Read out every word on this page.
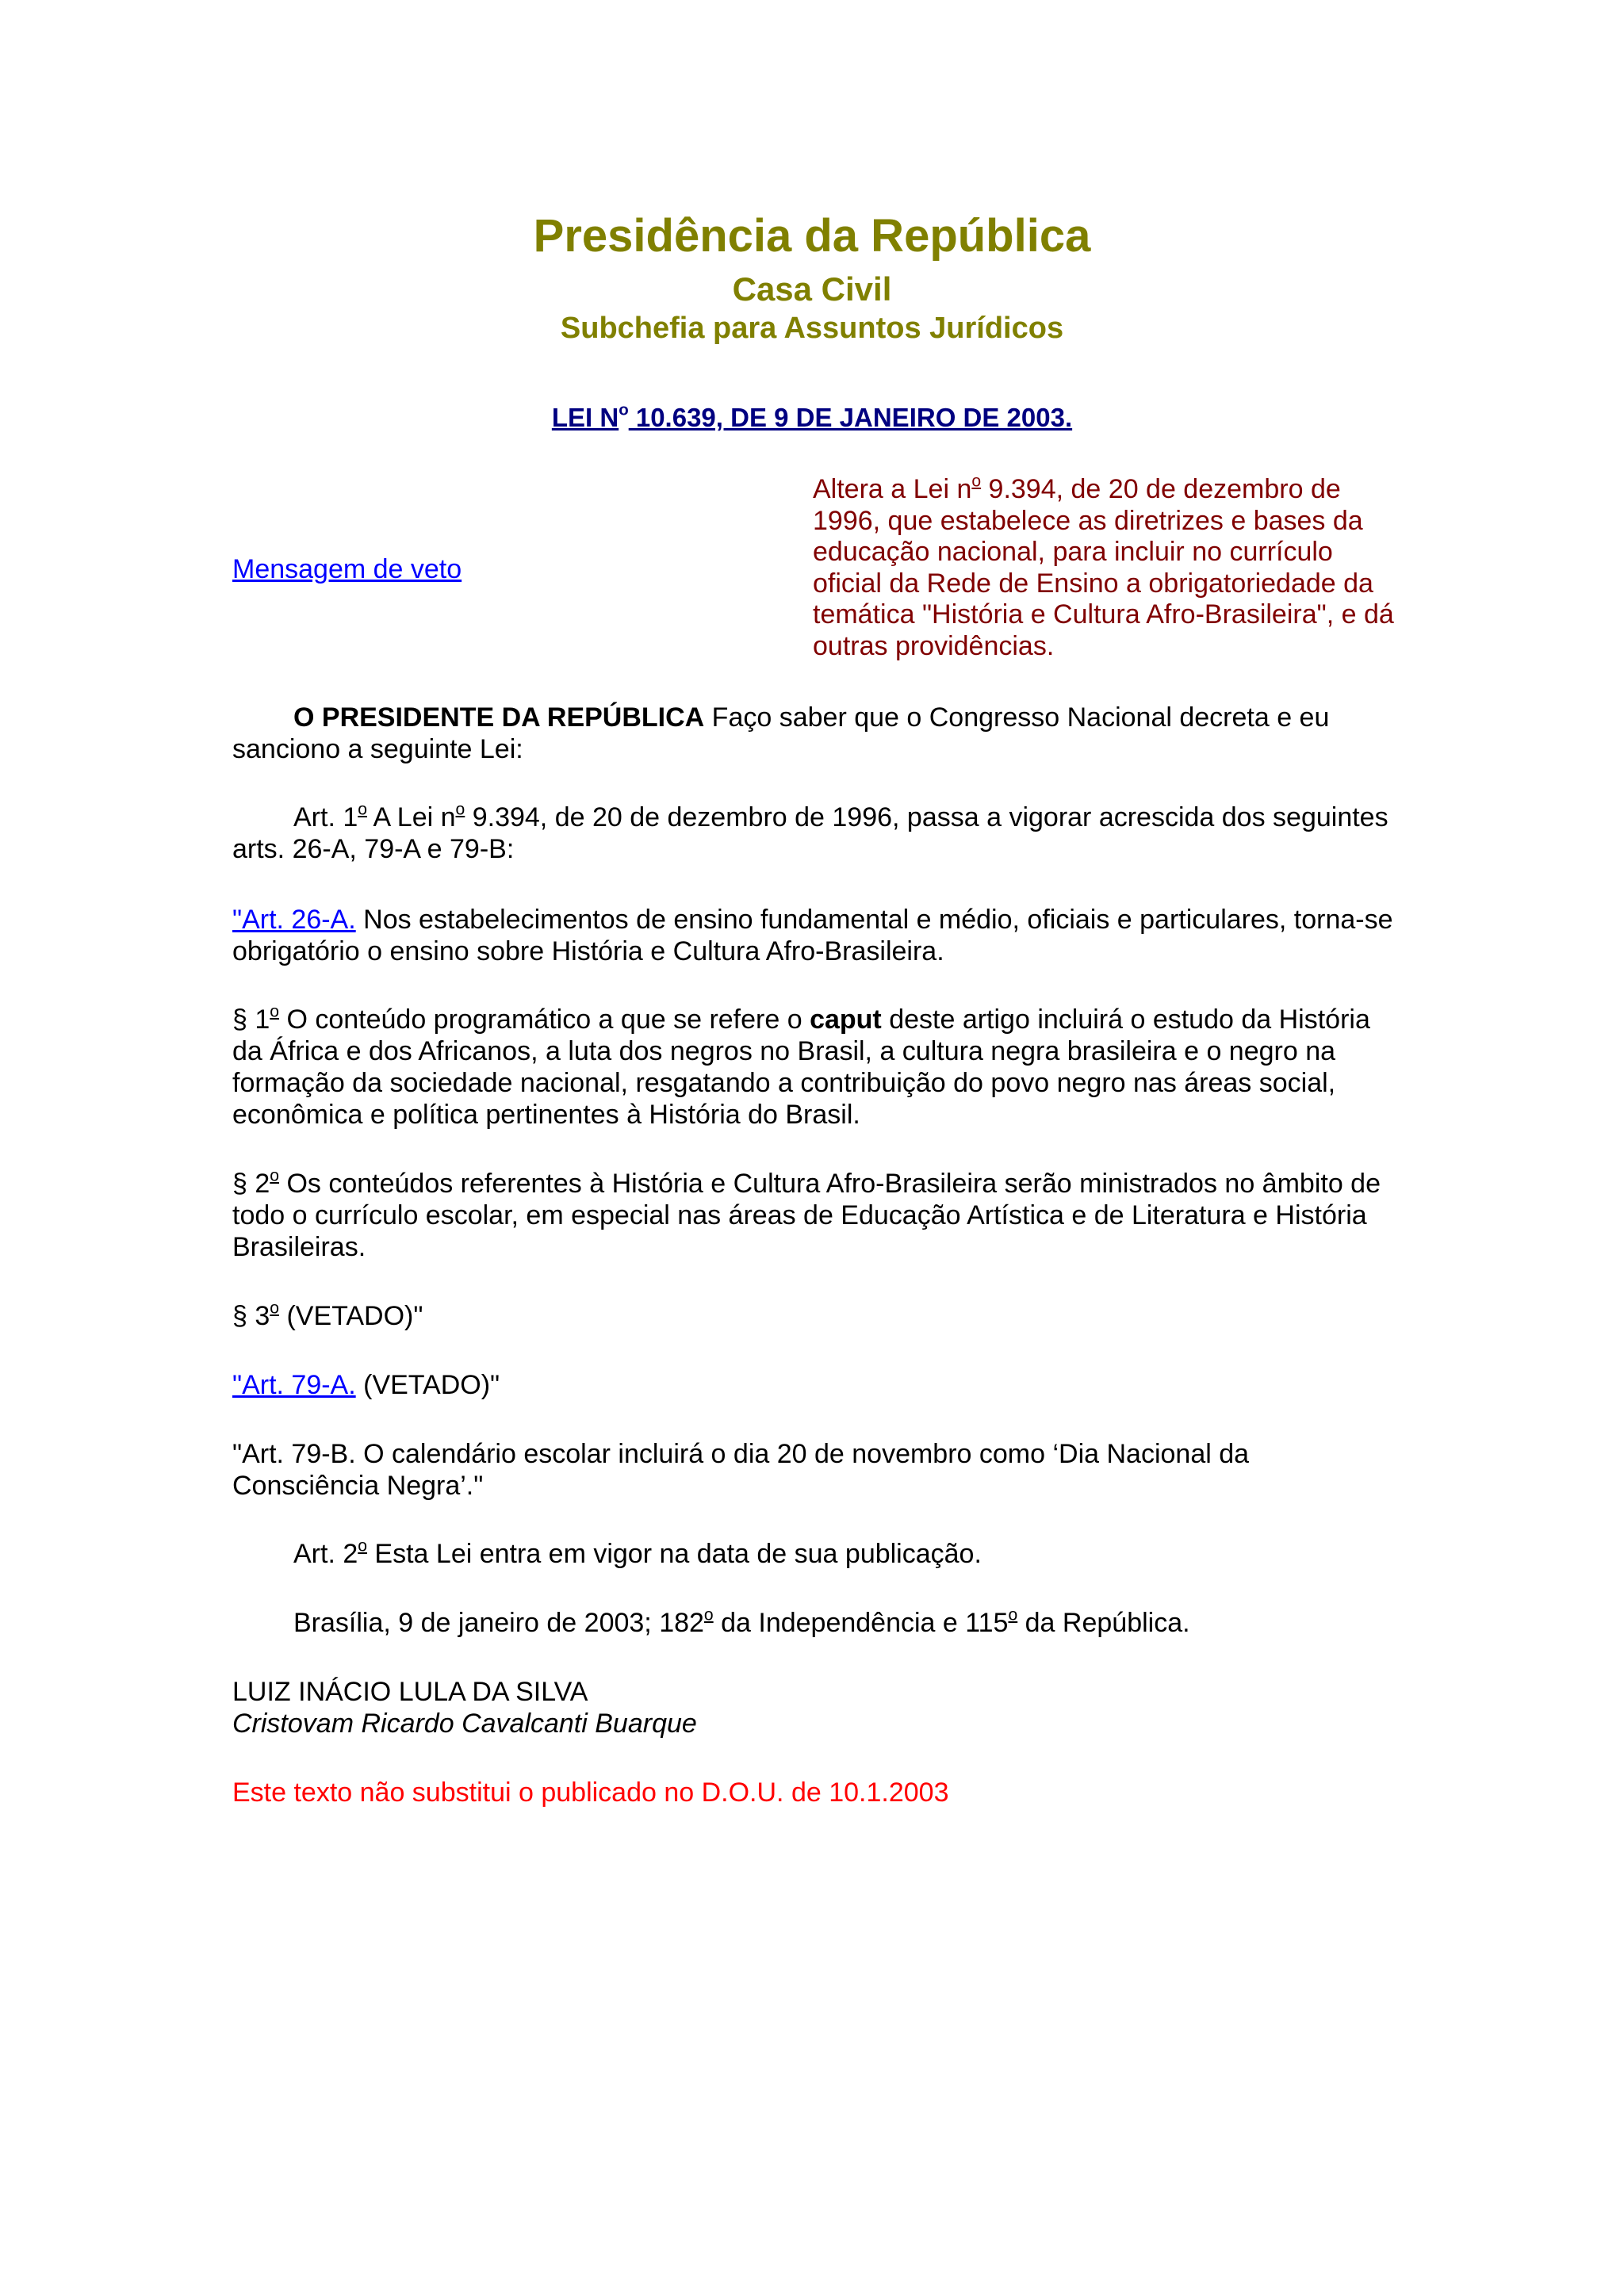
Presidência da República
Casa Civil
Subchefia para Assuntos Jurídicos
LEI $N^o$ 10.639, DE 9 DE JANEIRO DE 2003.
Mensagem de veto
Altera a Lei $n^o$ 9.394, de 20 de dezembro de 1996, que estabelece as diretrizes e bases da educação nacional, para incluir no currículo oficial da Rede de Ensino a obrigatoriedade da temática "História e Cultura Afro-Brasileira", e dá outras providências.
O PRESIDENTE DA REPÚBLICA Faço saber que o Congresso Nacional decreta e eu sanciono a seguinte Lei:
Art. 1$^o$ A Lei $n^o$ 9.394, de 20 de dezembro de 1996, passa a vigorar acrescida dos seguintes arts. 26-A, 79-A e 79-B:
"Art. 26-A. Nos estabelecimentos de ensino fundamental e médio, oficiais e particulares, torna-se obrigatório o ensino sobre História e Cultura Afro-Brasileira.
§ 1$^o$ O conteúdo programático a que se refere o caput deste artigo incluirá o estudo da História da África e dos Africanos, a luta dos negros no Brasil, a cultura negra brasileira e o negro na formação da sociedade nacional, resgatando a contribuição do povo negro nas áreas social, econômica e política pertinentes à História do Brasil.
§ 2$^o$ Os conteúdos referentes à História e Cultura Afro-Brasileira serão ministrados no âmbito de todo o currículo escolar, em especial nas áreas de Educação Artística e de Literatura e História Brasileiras.
§ 3$^o$ (VETADO)"
"Art. 79-A. (VETADO)"
"Art. 79-B. O calendário escolar incluirá o dia 20 de novembro como ‘Dia Nacional da Consciência Negra’."
Art. 2$^o$ Esta Lei entra em vigor na data de sua publicação.
Brasília, 9 de janeiro de 2003; 182$^o$ da Independência e 115$^o$ da República.
LUIZ INÁCIO LULA DA SILVA
Cristovam Ricardo Cavalcanti Buarque
Este texto não substitui o publicado no D.O.U. de 10.1.2003
